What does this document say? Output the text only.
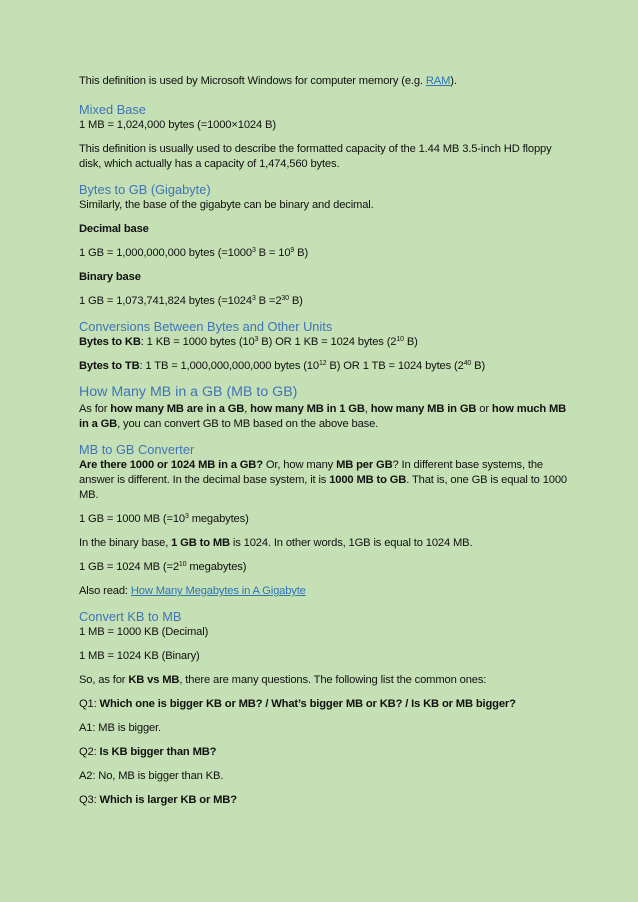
This definition is used by Microsoft Windows for computer memory (e.g. RAM).

Mixed Base

1 MB = 1,024,000 bytes (=1000×1024 B)

This definition is usually used to describe the formatted capacity of the 1.44 MB 3.5-inch HD floppy disk, which actually has a capacity of 1,474,560 bytes.

Bytes to GB (Gigabyte)

Similarly, the base of the gigabyte can be binary and decimal.

Decimal base

1 GB = 1,000,000,000 bytes ($=1000^3$ $B = 10^9$ B)

Binary base

1 GB = 1,073,741,824 bytes ($=1024^3$ $B =2^{30}$ B)

Conversions Between Bytes and Other Units

Bytes to KB: 1 KB = 1000 bytes ($10^3$ B) OR 1 KB = 1024 bytes ($2^{10}$ B)

Bytes to TB: 1 TB = 1,000,000,000,000 bytes ($10^{12}$ B) OR 1 TB = 1024 bytes ($2^{40}$ B)

How Many MB in a GB (MB to GB)

As for how many MB are in a GB, how many MB in 1 GB, how many MB in GB or how much MB in a GB, you can convert GB to MB based on the above base.

MB to GB Converter

Are there 1000 or 1024 MB in a GB? Or, how many MB per GB? In different base systems, the answer is different. In the decimal base system, it is 1000 MB to GB. That is, one GB is equal to 1000 MB.

1 GB = 1000 MB ($=10^3$ megabytes)

In the binary base, 1 GB to MB is 1024. In other words, 1GB is equal to 1024 MB.

1 GB = 1024 MB ($=2^{10}$ megabytes)

Also read: How Many Megabytes in A Gigabyte

Convert KB to MB

1 MB = 1000 KB (Decimal)

1 MB = 1024 KB (Binary)

So, as for KB vs MB, there are many questions. The following list the common ones:

Q1: Which one is bigger KB or MB? / What’s bigger MB or KB? / Is KB or MB bigger?

A1: MB is bigger.

Q2: Is KB bigger than MB?

A2: No, MB is bigger than KB.

Q3: Which is larger KB or MB?
